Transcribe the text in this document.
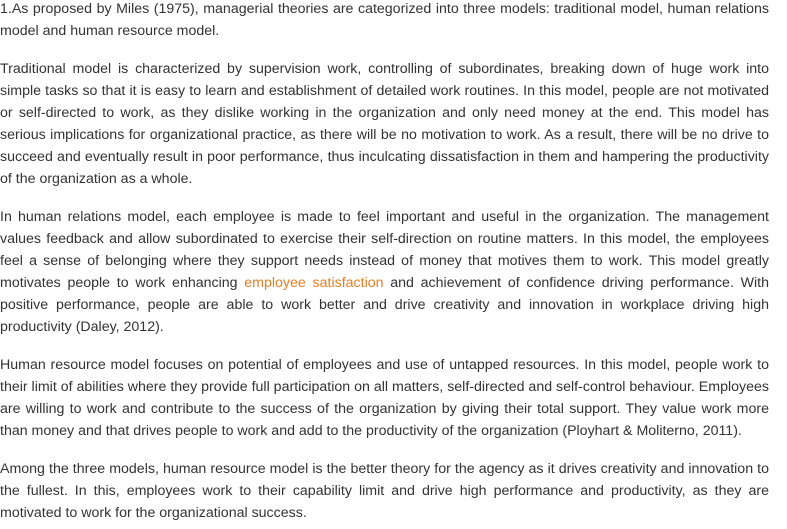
1.As proposed by Miles (1975), managerial theories are categorized into three models: traditional model, human relations model and human resource model.

Traditional model is characterized by supervision work, controlling of subordinates, breaking down of huge work into simple tasks so that it is easy to learn and establishment of detailed work routines. In this model, people are not motivated or self-directed to work, as they dislike working in the organization and only need money at the end. This model has serious implications for organizational practice, as there will be no motivation to work. As a result, there will be no drive to succeed and eventually result in poor performance, thus inculcating dissatisfaction in them and hampering the productivity of the organization as a whole.

In human relations model, each employee is made to feel important and useful in the organization. The management values feedback and allow subordinated to exercise their self-direction on routine matters. In this model, the employees feel a sense of belonging where they support needs instead of money that motives them to work. This model greatly motivates people to work enhancing employee satisfaction and achievement of confidence driving performance. With positive performance, people are able to work better and drive creativity and innovation in workplace driving high productivity (Daley, 2012).

Human resource model focuses on potential of employees and use of untapped resources. In this model, people work to their limit of abilities where they provide full participation on all matters, self-directed and self-control behaviour. Employees are willing to work and contribute to the success of the organization by giving their total support. They value work more than money and that drives people to work and add to the productivity of the organization (Ployhart & Moliterno, 2011).

Among the three models, human resource model is the better theory for the agency as it drives creativity and innovation to the fullest. In this, employees work to their capability limit and drive high performance and productivity, as they are motivated to work for the organizational success.
